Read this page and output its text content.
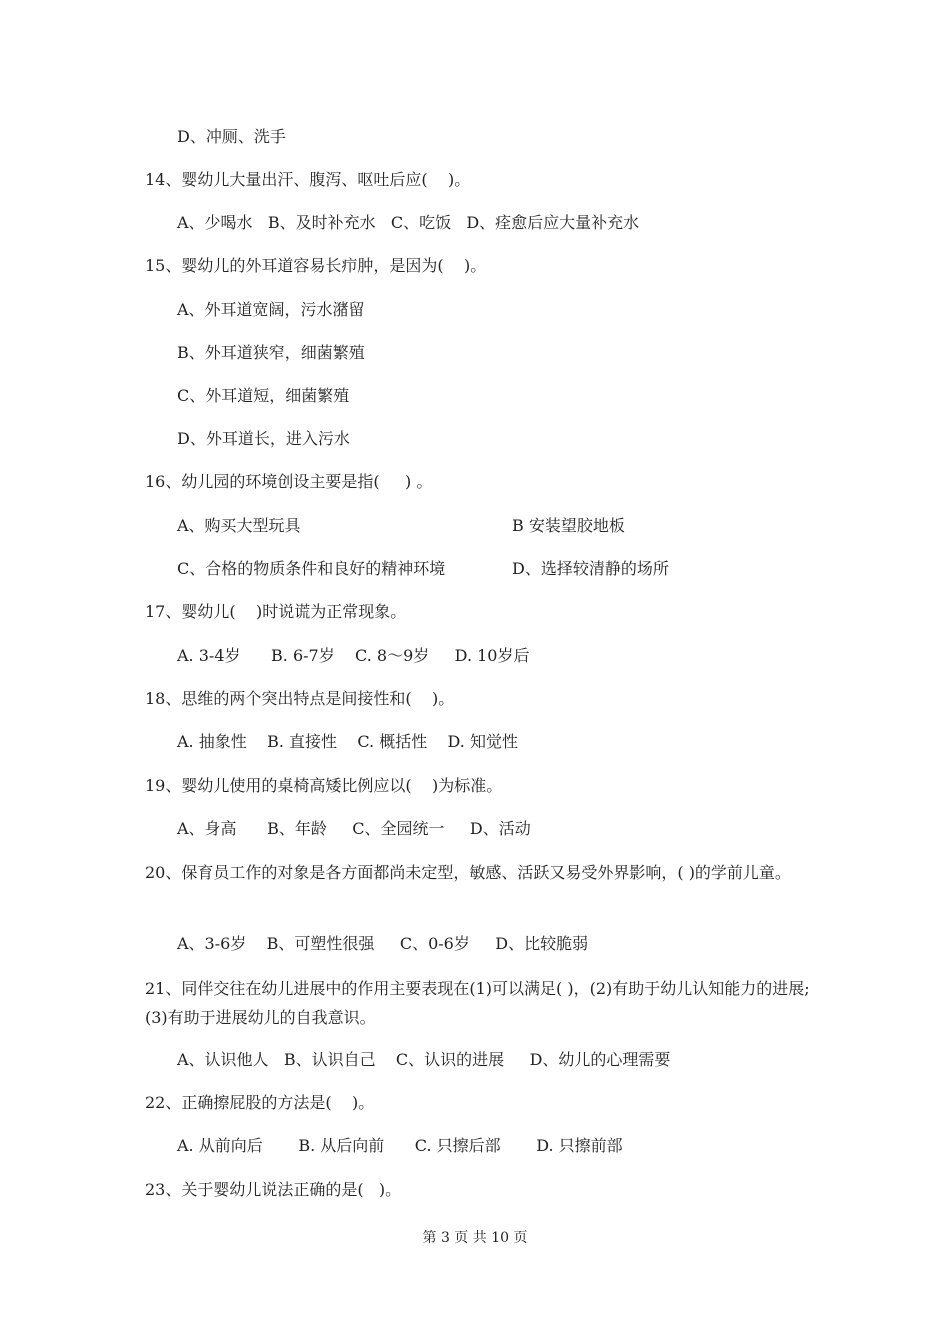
D、冲厕、洗手
14、婴幼儿大量出汗、腹泻、呕吐后应(    )。
A、少喝水   B、及时补充水   C、吃饭   D、痊愈后应大量补充水
15、婴幼儿的外耳道容易长疖肿，是因为(    )。
A、外耳道宽阔，污水潴留
B、外耳道狭窄，细菌繁殖
C、外耳道短，细菌繁殖
D、外耳道长，进入污水
16、幼儿园的环境创设主要是指(     ) 。
A、购买大型玩具	B 安装望胶地板
C、合格的物质条件和良好的精神环境	D、选择较清静的场所
17、婴幼儿(    )时说谎为正常现象。
A. 3-4岁      B. 6-7岁    C. 8～9岁     D. 10岁后
18、思维的两个突出特点是间接性和(    )。
A. 抽象性    B. 直接性    C. 概括性    D. 知觉性
19、婴幼儿使用的桌椅高矮比例应以(    )为标准。
A、身高      B、年龄     C、全园统一     D、活动
20、保育员工作的对象是各方面都尚未定型，敏感、活跃又易受外界影响，( )的学前儿童。
A、3-6岁    B、可塑性很强     C、0-6岁     D、比较脆弱
21、同伴交往在幼儿进展中的作用主要表现在(1)可以满足( )，(2)有助于幼儿认知能力的进展;(3)有助于进展幼儿的自我意识。
A、认识他人   B、认识自己    C、认识的进展     D、幼儿的心理需要
22、正确擦屁股的方法是(    )。
A. 从前向后       B. 从后向前      C. 只擦后部       D. 只擦前部
23、关于婴幼儿说法正确的是(   )。
第 3 页 共 10 页
